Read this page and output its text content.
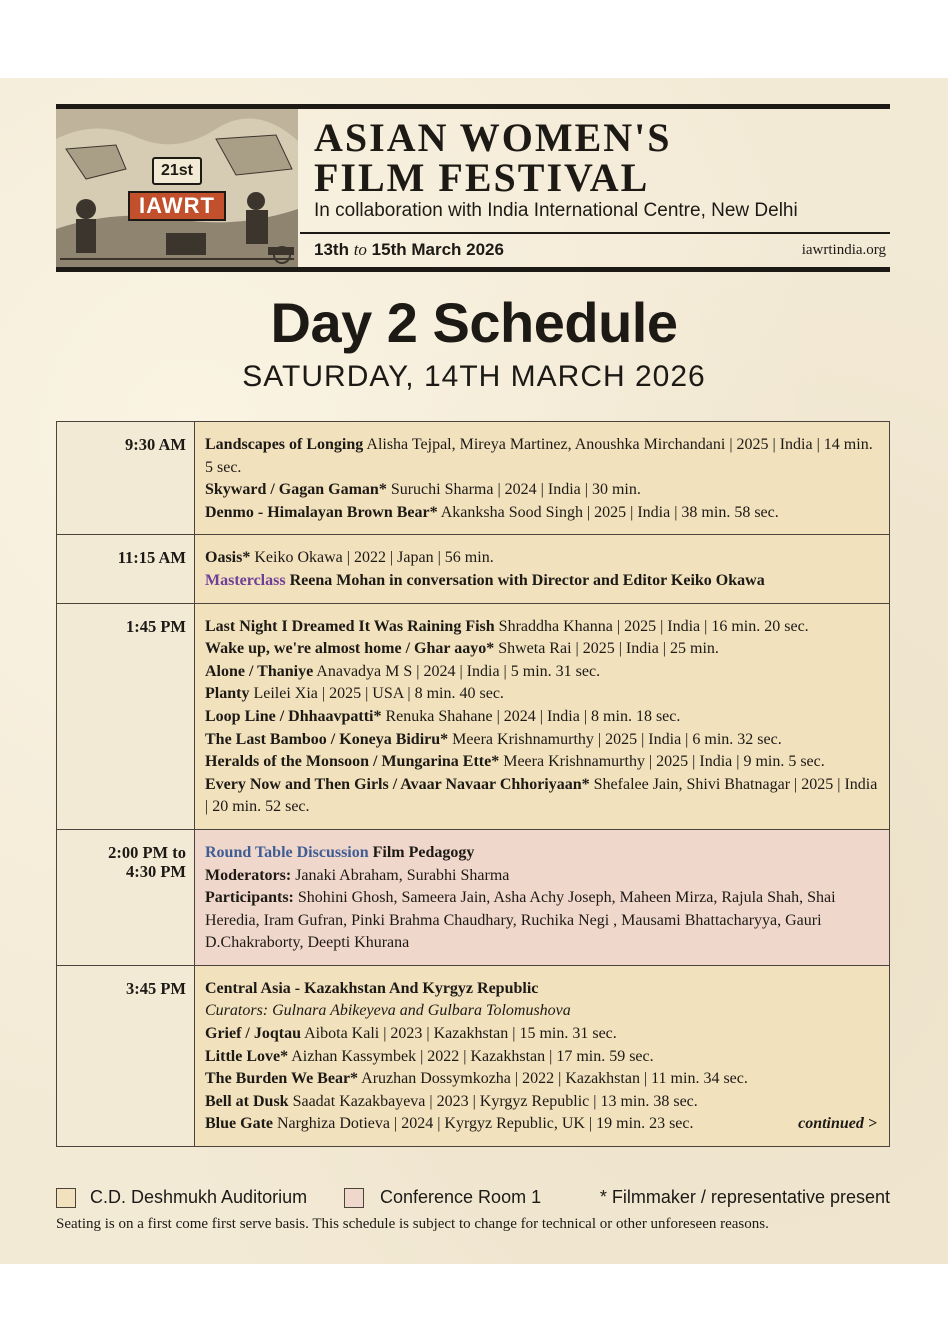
21st
IAWRT
ASIAN WOMEN'S
FILM FESTIVAL
In collaboration with India International Centre, New Delhi
13th to 15th March 2026	iawrtindia.org
Day 2 Schedule
SATURDAY, 14TH MARCH 2026
9:30 AM	Landscapes of Longing Alisha Tejpal, Mireya Martinez, Anoushka Mirchandani | 2025 | India | 14 min. 5 sec.
Skyward / Gagan Gaman* Suruchi Sharma | 2024 | India | 30 min.
Denmo - Himalayan Brown Bear* Akanksha Sood Singh | 2025 | India | 38 min. 58 sec.
11:15 AM	Oasis* Keiko Okawa | 2022 | Japan | 56 min.
Masterclass Reena Mohan in conversation with Director and Editor Keiko Okawa
1:45 PM	Last Night I Dreamed It Was Raining Fish Shraddha Khanna | 2025 | India | 16 min. 20 sec.
Wake up, we're almost home / Ghar aayo* Shweta Rai | 2025 | India | 25 min.
Alone / Thaniye Anavadya M S | 2024 | India | 5 min. 31 sec.
Planty Leilei Xia | 2025 | USA | 8 min. 40 sec.
Loop Line / Dhhaavpatti* Renuka Shahane | 2024 | India | 8 min. 18 sec.
The Last Bamboo / Koneya Bidiru* Meera Krishnamurthy | 2025 | India | 6 min. 32 sec.
Heralds of the Monsoon / Mungarina Ette* Meera Krishnamurthy | 2025 | India | 9 min. 5 sec.
Every Now and Then Girls / Avaar Navaar Chhoriyaan* Shefalee Jain, Shivi Bhatnagar | 2025 | India | 20 min. 52 sec.
2:00 PM to
4:30 PM
Round Table Discussion Film Pedagogy
Moderators: Janaki Abraham, Surabhi Sharma
Participants: Shohini Ghosh, Sameera Jain, Asha Achy Joseph, Maheen Mirza, Rajula Shah, Shai Heredia, Iram Gufran, Pinki Brahma Chaudhary, Ruchika Negi , Mausami Bhattacharyya, Gauri D.Chakraborty, Deepti Khurana
3:45 PM	Central Asia - Kazakhstan And Kyrgyz Republic
Curators: Gulnara Abikeyeva and Gulbara Tolomushova
Grief / Joqtau Aibota Kali | 2023 | Kazakhstan | 15 min. 31 sec.
Little Love* Aizhan Kassymbek | 2022 | Kazakhstan | 17 min. 59 sec.
The Burden We Bear* Aruzhan Dossymkozha | 2022 | Kazakhstan | 11 min. 34 sec.
Bell at Dusk Saadat Kazakbayeva | 2023 | Kyrgyz Republic | 13 min. 38 sec.
Blue Gate Narghiza Dotieva | 2024 | Kyrgyz Republic, UK | 19 min. 23 sec.	continued >
C.D. Deshmukh Auditorium	Conference Room 1	* Filmmaker / representative present
Seating is on a first come first serve basis. This schedule is subject to change for technical or other unforeseen reasons.
